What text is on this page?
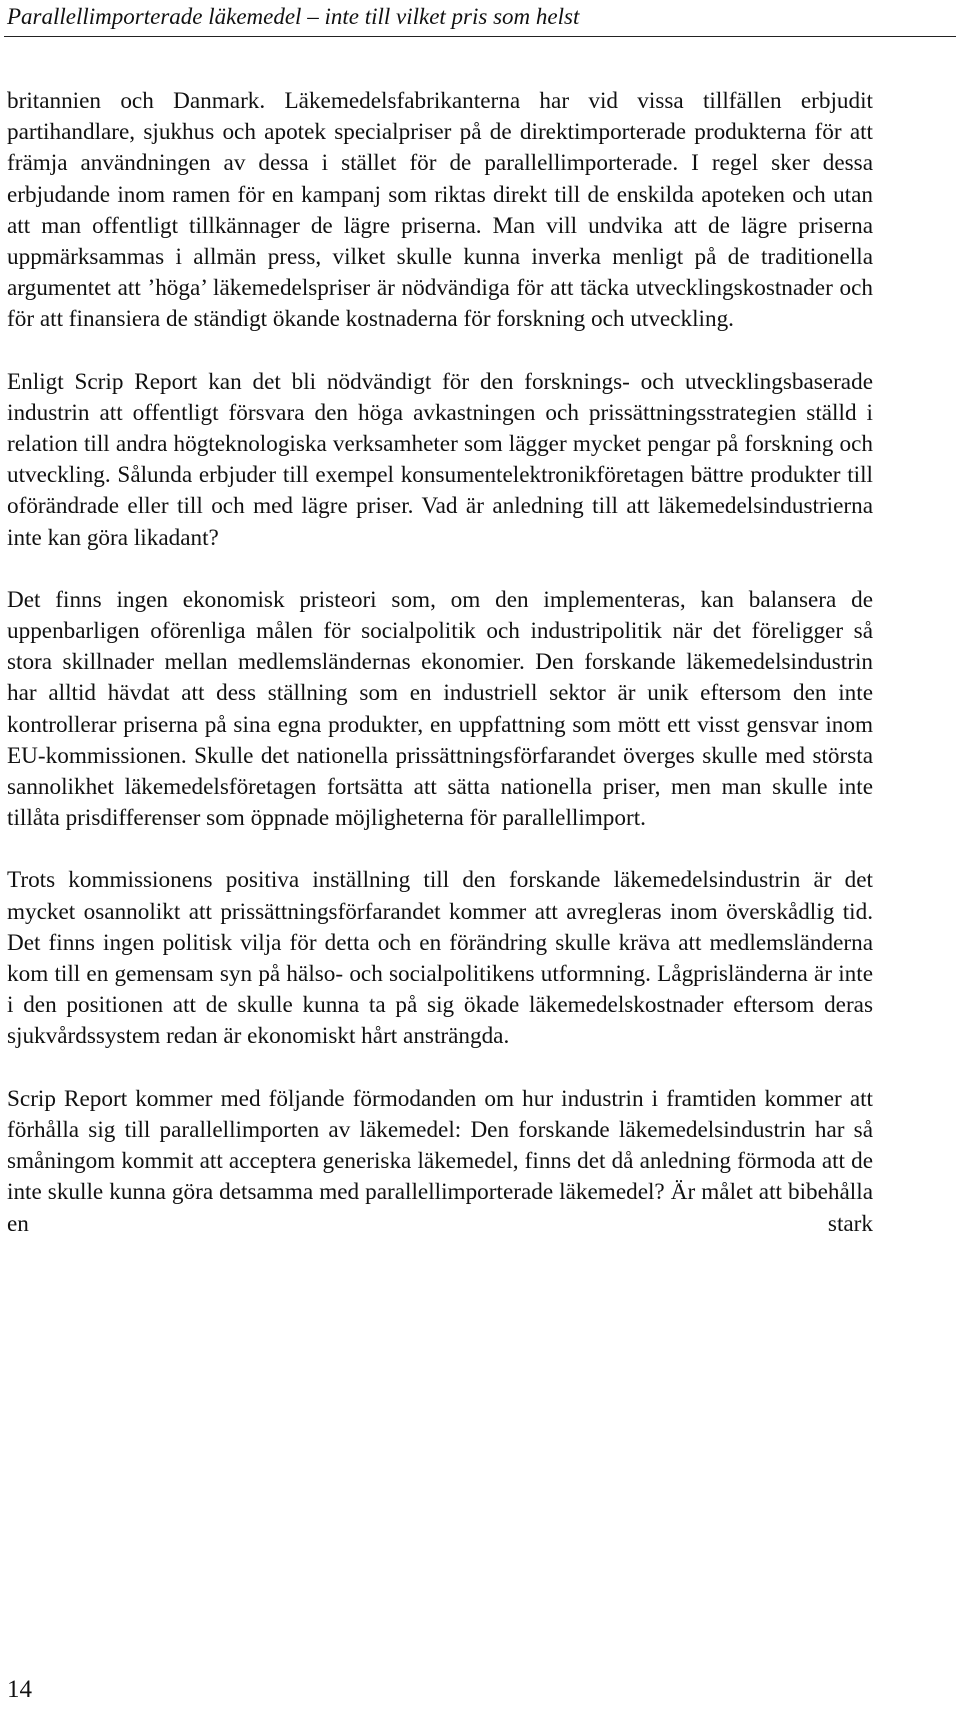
Parallellimporterade läkemedel – inte till vilket pris som helst

britannien och Danmark. Läkemedelsfabrikanterna har vid vissa tillfällen erbjudit partihandlare, sjukhus och apotek specialpriser på de direktimporterade produkterna för att främja användningen av dessa i stället för de parallellimporterade. I regel sker dessa erbjudande inom ramen för en kampanj som riktas direkt till de enskilda apoteken och utan att man offentligt tillkännager de lägre priserna. Man vill undvika att de lägre priserna uppmärksammas i allmän press, vilket skulle kunna inverka menligt på de traditionella argumentet att ’höga’ läkemedelspriser är nödvändiga för att täcka utvecklingskostnader och för att finansiera de ständigt ökande kostnaderna för forskning och utveckling.

Enligt Scrip Report kan det bli nödvändigt för den forsknings- och utvecklingsbaserade industrin att offentligt försvara den höga avkastningen och prissättningsstrategien ställd i relation till andra högteknologiska verksamheter som lägger mycket pengar på forskning och utveckling. Sålunda erbjuder till exempel konsumentelektronikföretagen bättre produkter till oförändrade eller till och med lägre priser. Vad är anledning till att läkemedelsindustrierna inte kan göra likadant?

Det finns ingen ekonomisk pristeori som, om den implementeras, kan balansera de uppenbarligen oförenliga målen för socialpolitik och industripolitik när det föreligger så stora skillnader mellan medlemsländernas ekonomier. Den forskande läkemedelsindustrin har alltid hävdat att dess ställning som en industriell sektor är unik eftersom den inte kontrollerar priserna på sina egna produkter, en uppfattning som mött ett visst gensvar inom EU-kommissionen. Skulle det nationella prissättningsförfarandet överges skulle med största sannolikhet läkemedelsföretagen fortsätta att sätta nationella priser, men man skulle inte tillåta prisdifferenser som öppnade möjligheterna för parallellimport.

Trots kommissionens positiva inställning till den forskande läkemedelsindustrin är det mycket osannolikt att prissättningsförfarandet kommer att avregleras inom överskådlig tid. Det finns ingen politisk vilja för detta och en förändring skulle kräva att medlemsländerna kom till en gemensam syn på hälso- och socialpolitikens utformning. Lågprisländerna är inte i den positionen att de skulle kunna ta på sig ökade läkemedelskostnader eftersom deras sjukvårdssystem redan är ekonomiskt hårt ansträngda.

Scrip Report kommer med följande förmodanden om hur industrin i framtiden kommer att förhålla sig till parallellimporten av läkemedel: Den forskande läkemedelsindustrin har så småningom kommit att acceptera generiska läkemedel, finns det då anledning förmoda att de inte skulle kunna göra detsamma med parallellimporterade läkemedel? Är målet att bibehålla en stark

14
